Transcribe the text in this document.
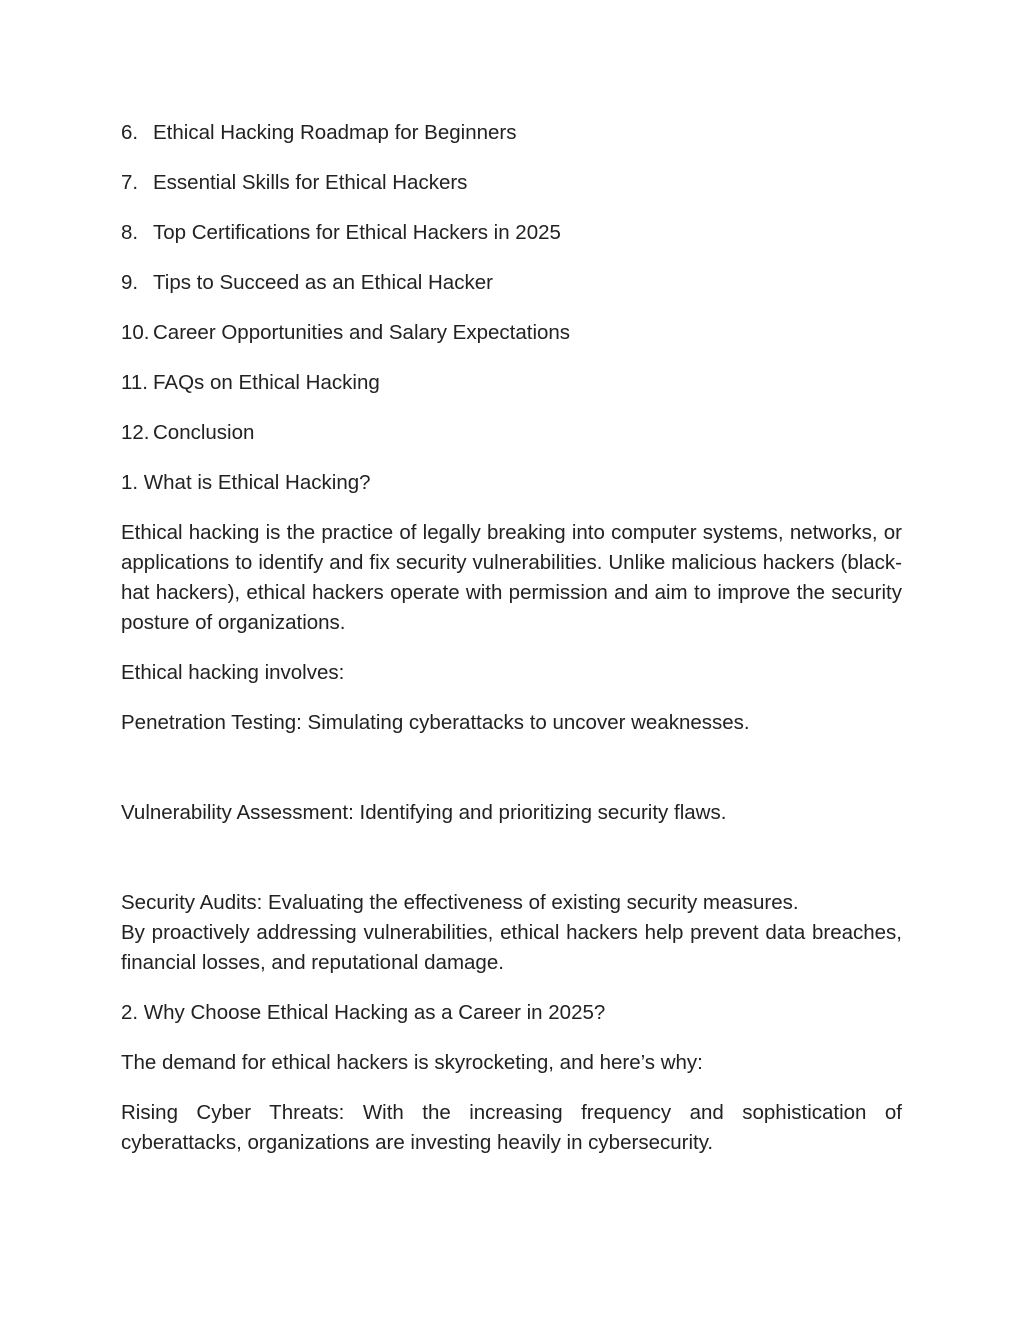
6. Ethical Hacking Roadmap for Beginners
7. Essential Skills for Ethical Hackers
8. Top Certifications for Ethical Hackers in 2025
9. Tips to Succeed as an Ethical Hacker
10. Career Opportunities and Salary Expectations
11. FAQs on Ethical Hacking
12. Conclusion
1. What is Ethical Hacking?

Ethical hacking is the practice of legally breaking into computer systems, networks, or applications to identify and fix security vulnerabilities. Unlike malicious hackers (black-hat hackers), ethical hackers operate with permission and aim to improve the security posture of organizations.

Ethical hacking involves:
Penetration Testing: Simulating cyberattacks to uncover weaknesses.
Vulnerability Assessment: Identifying and prioritizing security flaws.
Security Audits: Evaluating the effectiveness of existing security measures.

By proactively addressing vulnerabilities, ethical hackers help prevent data breaches, financial losses, and reputational damage.

2. Why Choose Ethical Hacking as a Career in 2025?
The demand for ethical hackers is skyrocketing, and here’s why:

Rising Cyber Threats: With the increasing frequency and sophistication of cyberattacks, organizations are investing heavily in cybersecurity.
